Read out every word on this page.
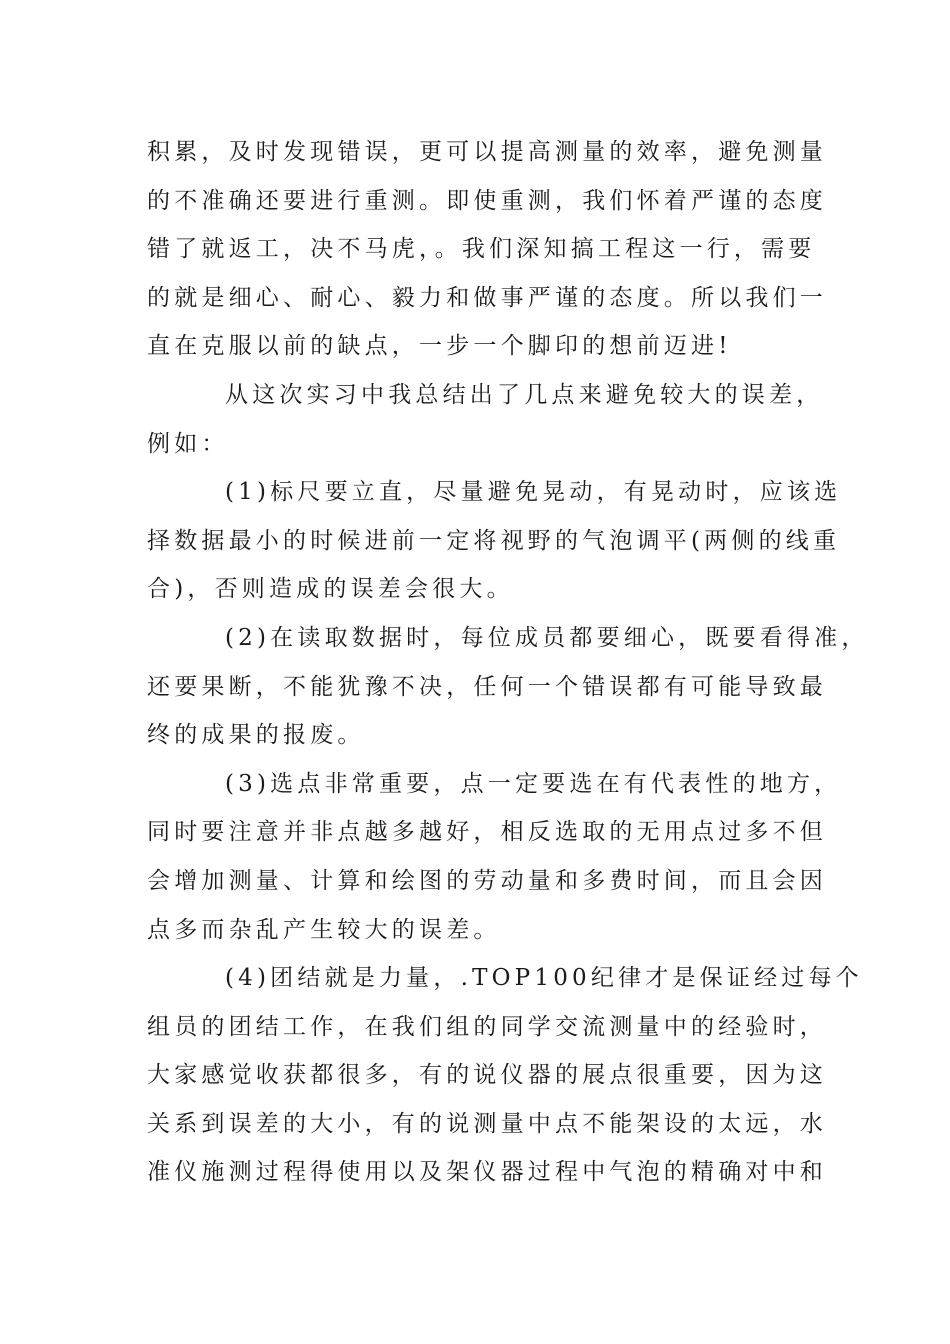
积累，及时发现错误，更可以提高测量的效率，避免测量
的不准确还要进行重测。即使重测，我们怀着严谨的态度
错了就返工，决不马虎，。我们深知搞工程这一行，需要
的就是细心、耐心、毅力和做事严谨的态度。所以我们一
直在克服以前的缺点，一步一个脚印的想前迈进!
从这次实习中我总结出了几点来避免较大的误差，
例如：
(1)标尺要立直，尽量避免晃动，有晃动时，应该选
择数据最小的时候进前一定将视野的气泡调平(两侧的线重
合)，否则造成的误差会很大。
(2)在读取数据时，每位成员都要细心，既要看得准，
还要果断，不能犹豫不决，任何一个错误都有可能导致最
终的成果的报废。
(3)选点非常重要，点一定要选在有代表性的地方，
同时要注意并非点越多越好，相反选取的无用点过多不但
会增加测量、计算和绘图的劳动量和多费时间，而且会因
点多而杂乱产生较大的误差。
(4)团结就是力量，.TOP100纪律才是保证经过每个
组员的团结工作，在我们组的同学交流测量中的经验时，
大家感觉收获都很多，有的说仪器的展点很重要，因为这
关系到误差的大小，有的说测量中点不能架设的太远，水
准仪施测过程得使用以及架仪器过程中气泡的精确对中和
